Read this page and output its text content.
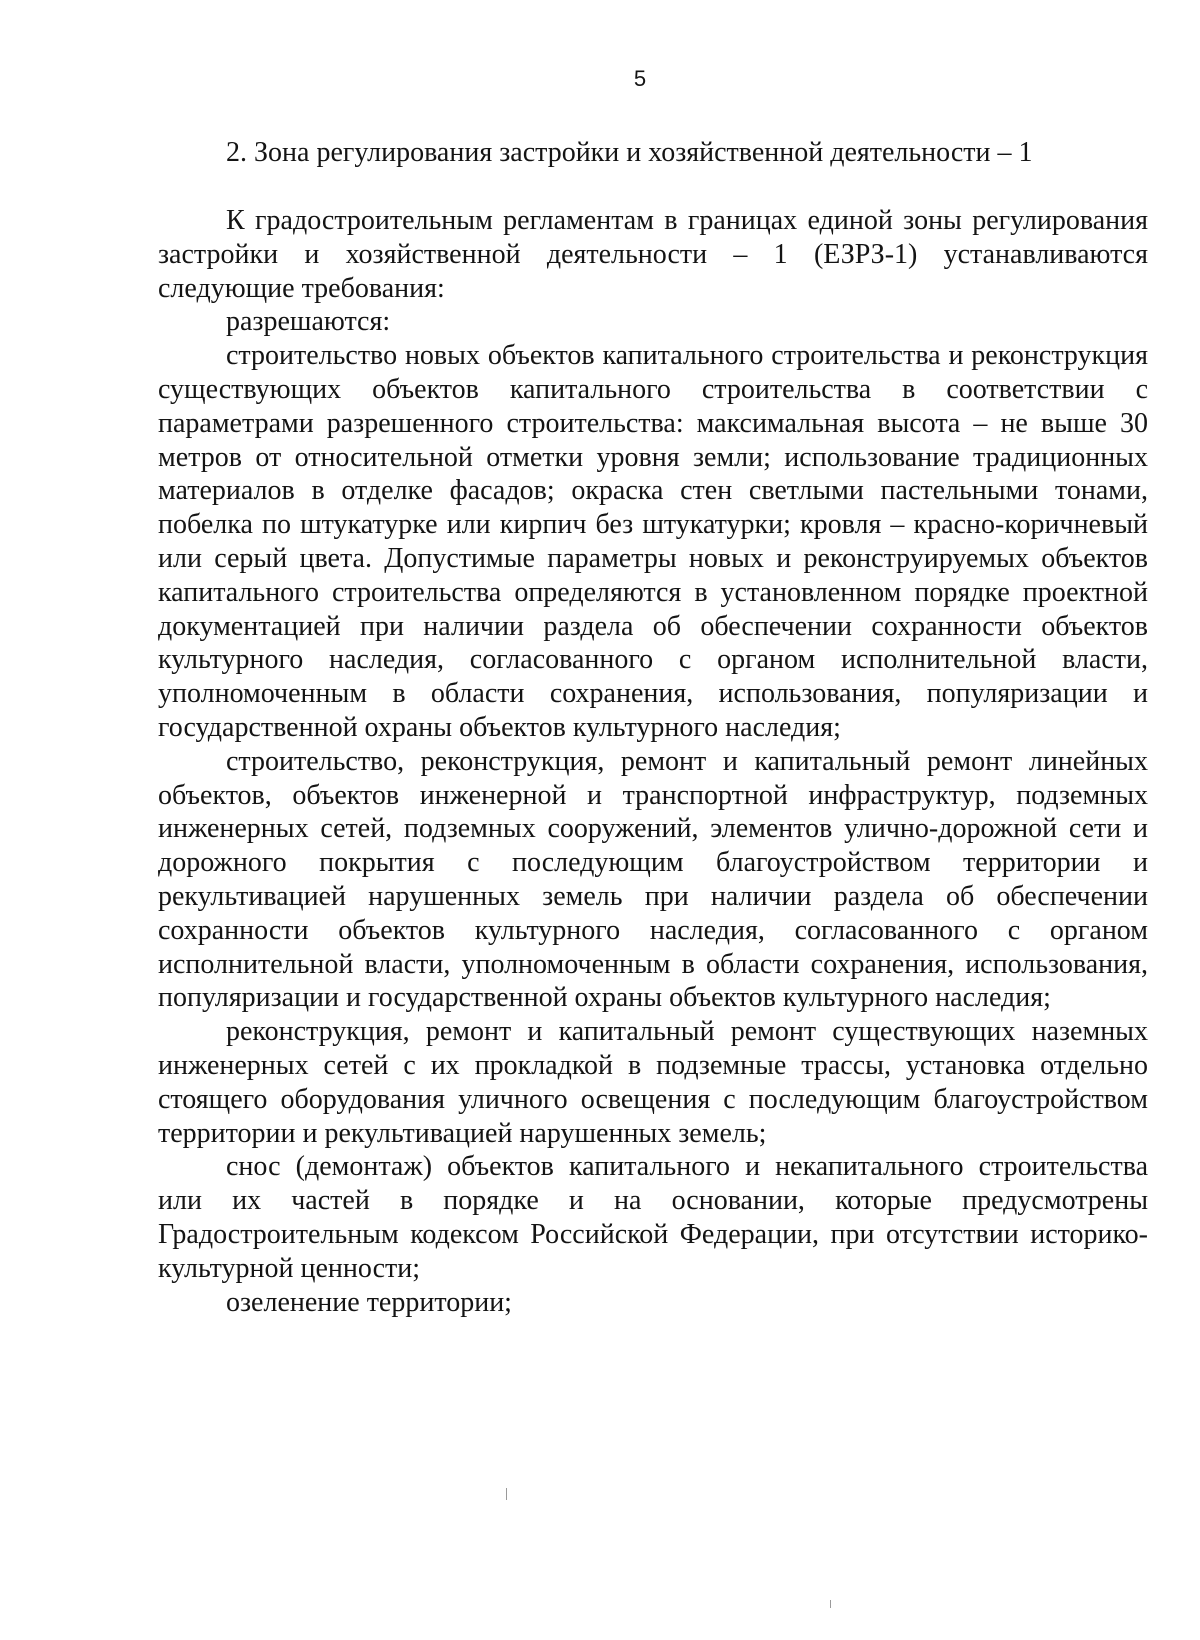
5
2. Зона регулирования застройки и хозяйственной деятельности – 1

К градостроительным регламентам в границах единой зоны регулирования застройки и хозяйственной деятельности – 1 (ЕЗРЗ-1) устанавливаются следующие требования:

разрешаются:

строительство новых объектов капитального строительства и реконструкция существующих объектов капитального строительства в соответствии с параметрами разрешенного строительства: максимальная высота – не выше 30 метров от относительной отметки уровня земли; использование традиционных материалов в отделке фасадов; окраска стен светлыми пастельными тонами, побелка по штукатурке или кирпич без штукатурки; кровля – красно-коричневый или серый цвета. Допустимые параметры новых и реконструируемых объектов капитального строительства определяются в установленном порядке проектной документацией при наличии раздела об обеспечении сохранности объектов культурного наследия, согласованного с органом исполнительной власти, уполномоченным в области сохранения, использования, популяризации и государственной охраны объектов культурного наследия;

строительство, реконструкция, ремонт и капитальный ремонт линейных объектов, объектов инженерной и транспортной инфраструктур, подземных инженерных сетей, подземных сооружений, элементов улично-дорожной сети и дорожного покрытия с последующим благоустройством территории и рекультивацией нарушенных земель при наличии раздела об обеспечении сохранности объектов культурного наследия, согласованного с органом исполнительной власти, уполномоченным в области сохранения, использования, популяризации и государственной охраны объектов культурного наследия;

реконструкция, ремонт и капитальный ремонт существующих наземных инженерных сетей с их прокладкой в подземные трассы, установка отдельно стоящего оборудования уличного освещения с последующим благоустройством территории и рекультивацией нарушенных земель;

снос (демонтаж) объектов капитального и некапитального строительства или их частей в порядке и на основании, которые предусмотрены Градостроительным кодексом Российской Федерации, при отсутствии историко-культурной ценности;

озеленение территории;
